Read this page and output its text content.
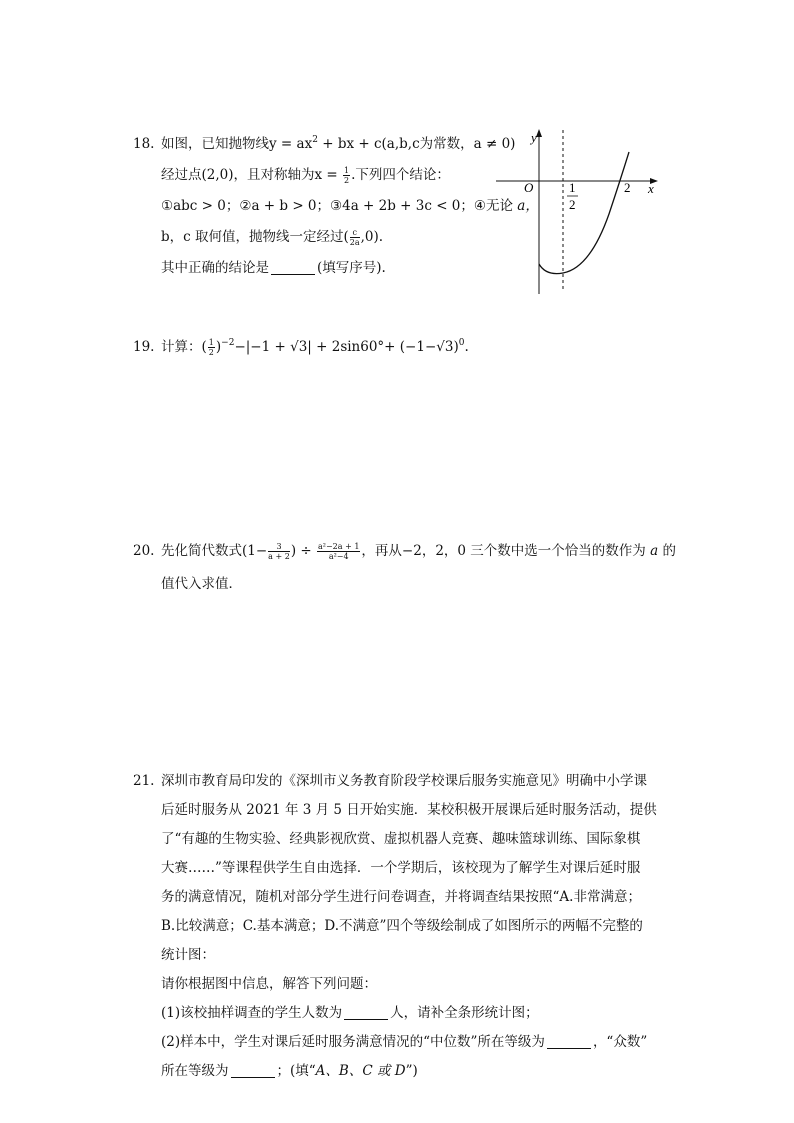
18. 如图，已知抛物线$y = ax^2$ + bx + c(a,b,c为常数，a ≠ 0)
经过点(2,0)，且对称轴为$x = \frac{1}{2}$ .下列四个结论：
①abc > 0；②a + b > 0；③4a + 2b + 3c < 0；④无论 a，
b，c 取何值，抛物线一定经过( $\frac{c}{2a} ,0$).
其中正确的结论是	(填写序号).
y
x
O	1
2
2
19. 计算：( $\frac{1}{2} )^{-2}-|-1 + √3| + 2\sin 60^\circ+ (-1-√3)^0$.
20. 先化简代数式($1- \frac{3}{a + 2}$ ) ÷ $\frac{\text{a²−2a + 1}}{\text{a²−4}}$ ，再从−2，2，0 三个数中选一个恰当的数作为 a 的
值代入求值．
21. 深圳市教育局印发的《深圳市义务教育阶段学校课后服务实施意见》明确中小学课
后延时服务从 2021 年 3 月 5 日开始实施．某校积极开展课后延时服务活动，提供
了“有趣的生物实验、经典影视欣赏、虚拟机器人竞赛、趣味篮球训练、国际象棋
大赛……”等课程供学生自由选择．一个学期后，该校现为了解学生对课后延时服
务的满意情况，随机对部分学生进行问卷调查，并将调查结果按照“A.非常满意；
B.比较满意；C.基本满意；D.不满意”四个等级绘制成了如图所示的两幅不完整的
统计图：
请你根据图中信息，解答下列问题：
(1)该校抽样调查的学生人数为	人，请补全条形统计图；
(2)样本中，学生对课后延时服务满意情况的“中位数”所在等级为	，“众数”
所在等级为	；(填“A、B、C 或 D”)
